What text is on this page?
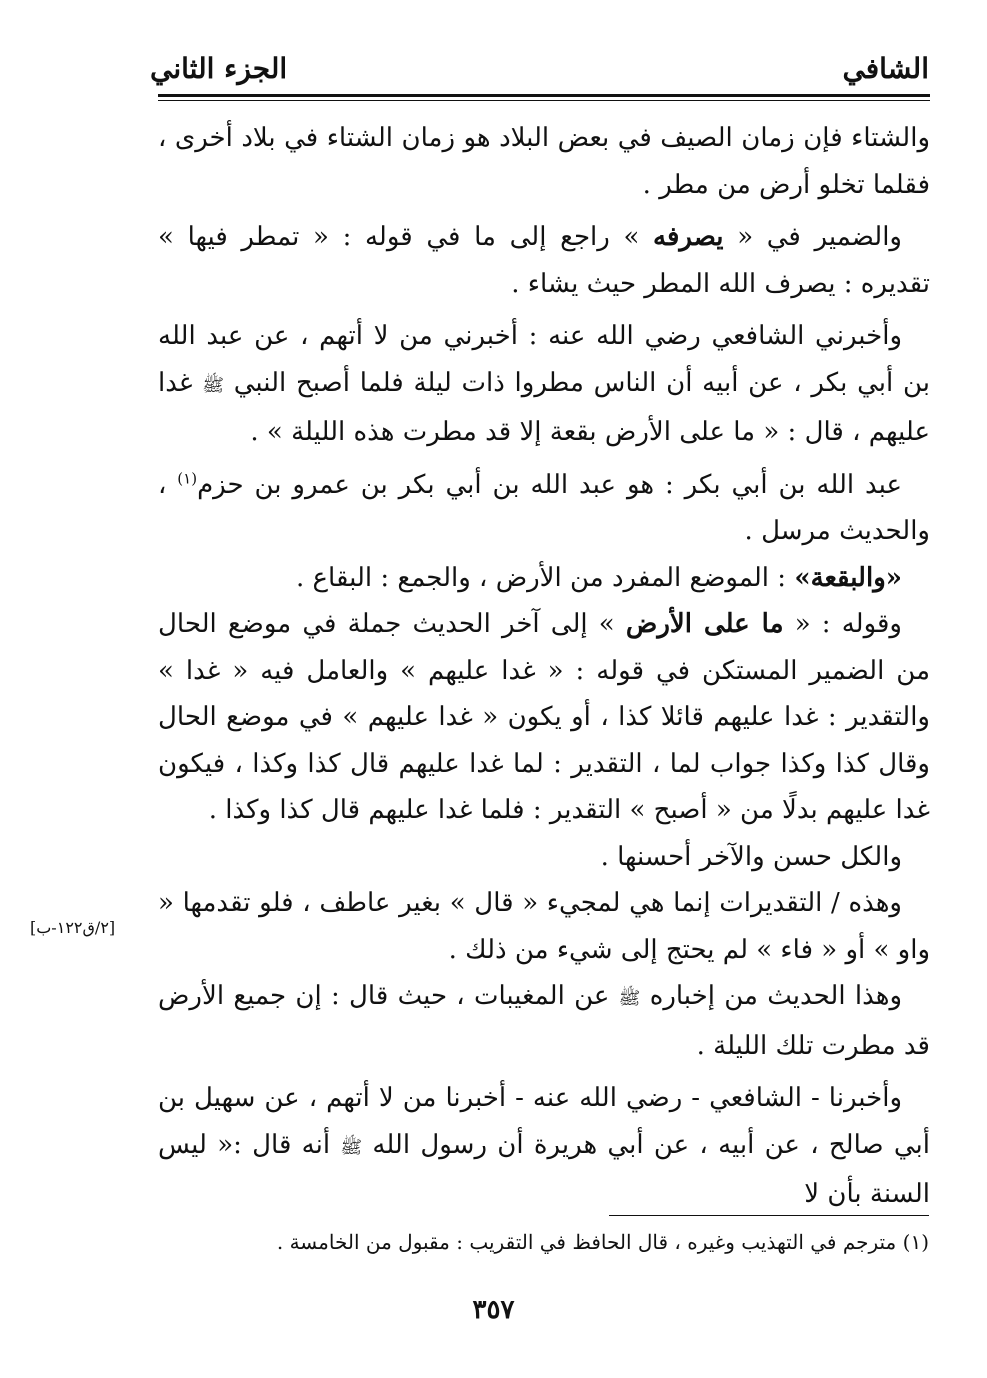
الشافي
الجزء الثاني

والشتاء فإن زمان الصيف في بعض البلاد هو زمان الشتاء في بلاد أخرى ، فقلما تخلو أرض من مطر .

والضمير في « يصرفه » راجع إلى ما في قوله : « تمطر فيها » تقديره : يصرف الله المطر حيث يشاء .

وأخبرني الشافعي رضي الله عنه : أخبرني من لا أتهم ، عن عبد الله بن أبي بكر ، عن أبيه أن الناس مطروا ذات ليلة فلما أصبح النبي ﷺ غدا عليهم ، قال : « ما على الأرض بقعة إلا قد مطرت هذه الليلة » .

عبد الله بن أبي بكر : هو عبد الله بن أبي بكر بن عمرو بن حزم$^{(١)}$ ، والحديث مرسل .

«والبقعة» : الموضع المفرد من الأرض ، والجمع : البقاع .

وقوله : « ما على الأرض » إلى آخر الحديث جملة في موضع الحال من الضمير المستكن في قوله : « غدا عليهم » والعامل فيه « غدا » والتقدير : غدا عليهم قائلا كذا ، أو يكون « غدا عليهم » في موضع الحال وقال كذا وكذا جواب لما ، التقدير : لما غدا عليهم قال كذا وكذا ، فيكون غدا عليهم بدلًا من « أصبح » التقدير : فلما غدا عليهم قال كذا وكذا .

والكل حسن والآخر أحسنها .

وهذه / التقديرات إنما هي لمجيء « قال » بغير عاطف ، فلو تقدمها « واو » أو « فاء » لم يحتج إلى شيء من ذلك .

وهذا الحديث من إخباره ﷺ عن المغيبات ، حيث قال : إن جميع الأرض قد مطرت تلك الليلة .

وأخبرنا - الشافعي - رضي الله عنه - أخبرنا من لا أتهم ، عن سهيل بن أبي صالح ، عن أبيه ، عن أبي هريرة أن رسول الله ﷺ أنه قال :« ليس السنة بأن لا

[٢/ق١٢٢-ب]
(١) مترجم في التهذيب وغيره ، قال الحافظ في التقريب : مقبول من الخامسة .
٣٥٧
